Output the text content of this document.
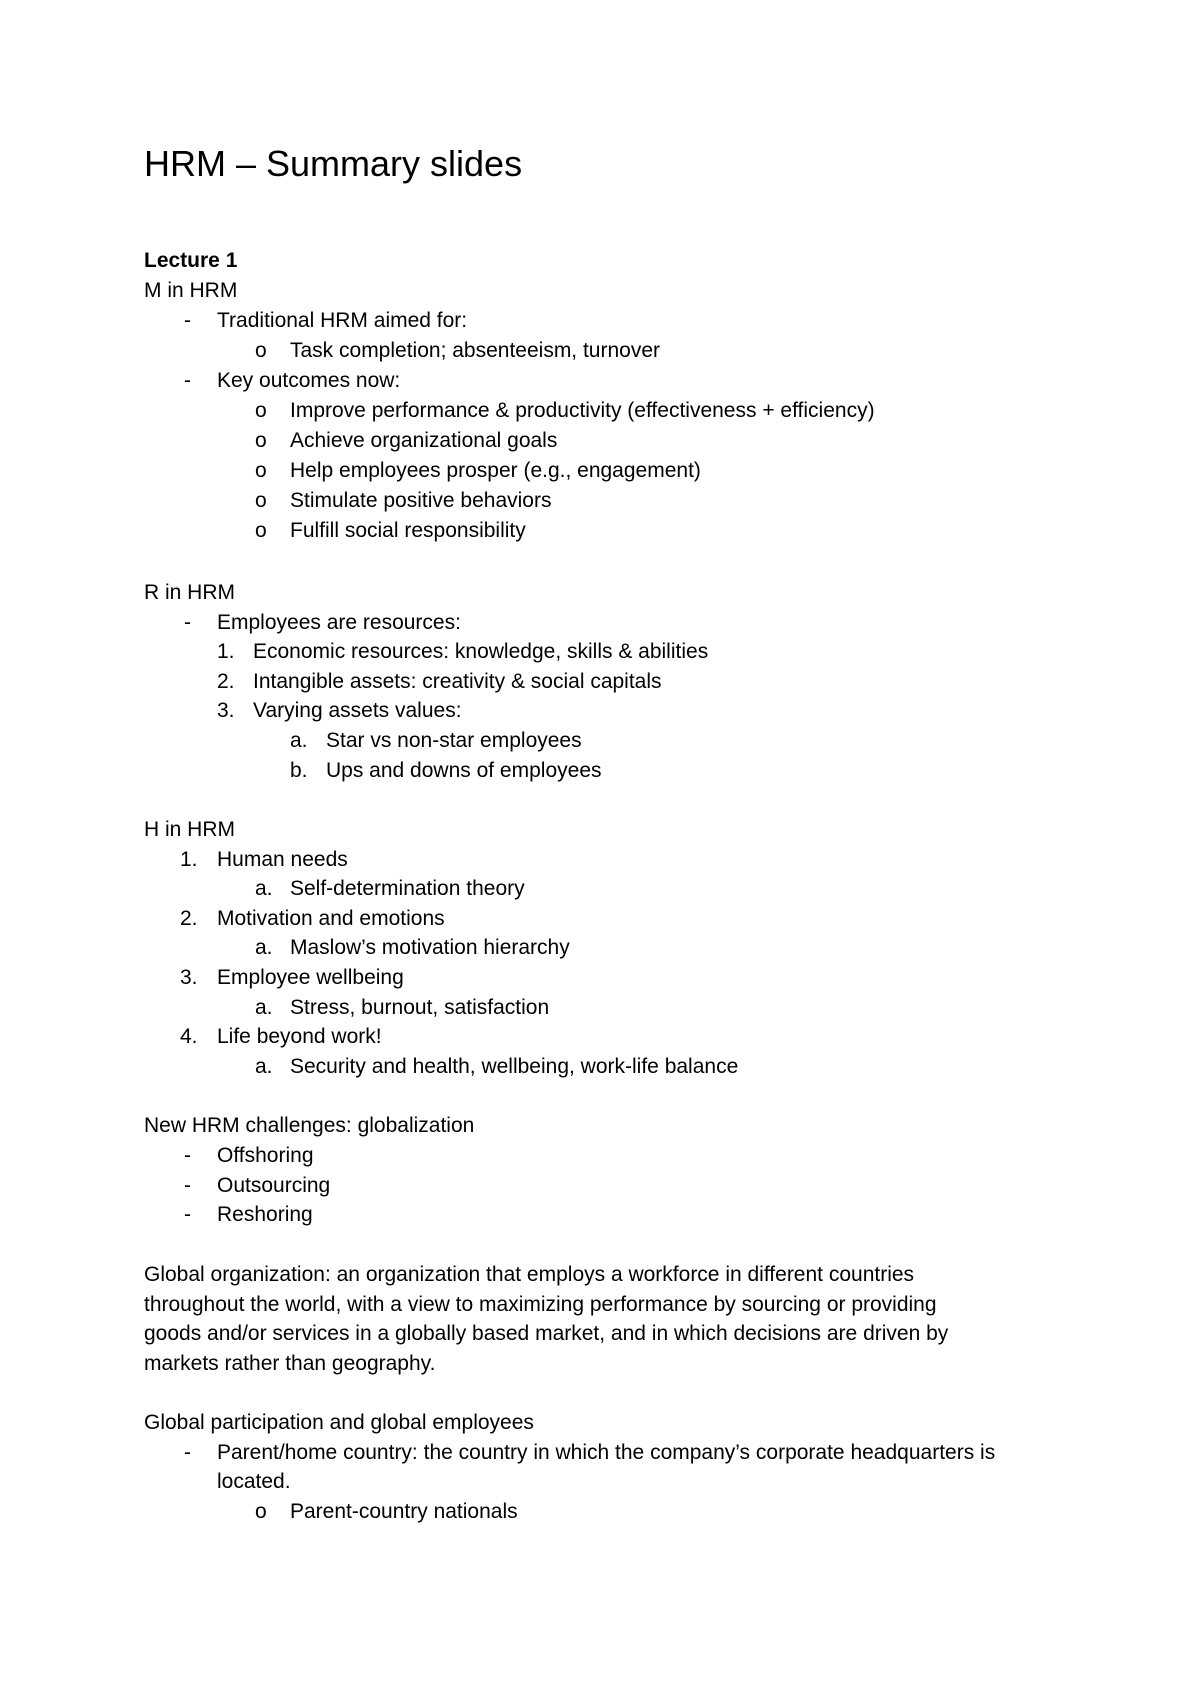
HRM – Summary slides
Lecture 1
M in HRM
- Traditional HRM aimed for:
o Task completion; absenteeism, turnover
- Key outcomes now:
o Improve performance & productivity (effectiveness + efficiency)
o Achieve organizational goals
o Help employees prosper (e.g., engagement)
o Stimulate positive behaviors
o Fulfill social responsibility
R in HRM
- Employees are resources:
1. Economic resources: knowledge, skills & abilities
2. Intangible assets: creativity & social capitals
3. Varying assets values:
a. Star vs non-star employees
b. Ups and downs of employees
H in HRM
1. Human needs
a. Self-determination theory
2. Motivation and emotions
a. Maslow’s motivation hierarchy
3. Employee wellbeing
a. Stress, burnout, satisfaction
4. Life beyond work!
a. Security and health, wellbeing, work-life balance
New HRM challenges: globalization
- Offshoring
- Outsourcing
- Reshoring
Global organization: an organization that employs a workforce in different countries
throughout the world, with a view to maximizing performance by sourcing or providing
goods and/or services in a globally based market, and in which decisions are driven by
markets rather than geography.
Global participation and global employees
- Parent/home country: the country in which the company’s corporate headquarters is
located.
o Parent-country nationals
